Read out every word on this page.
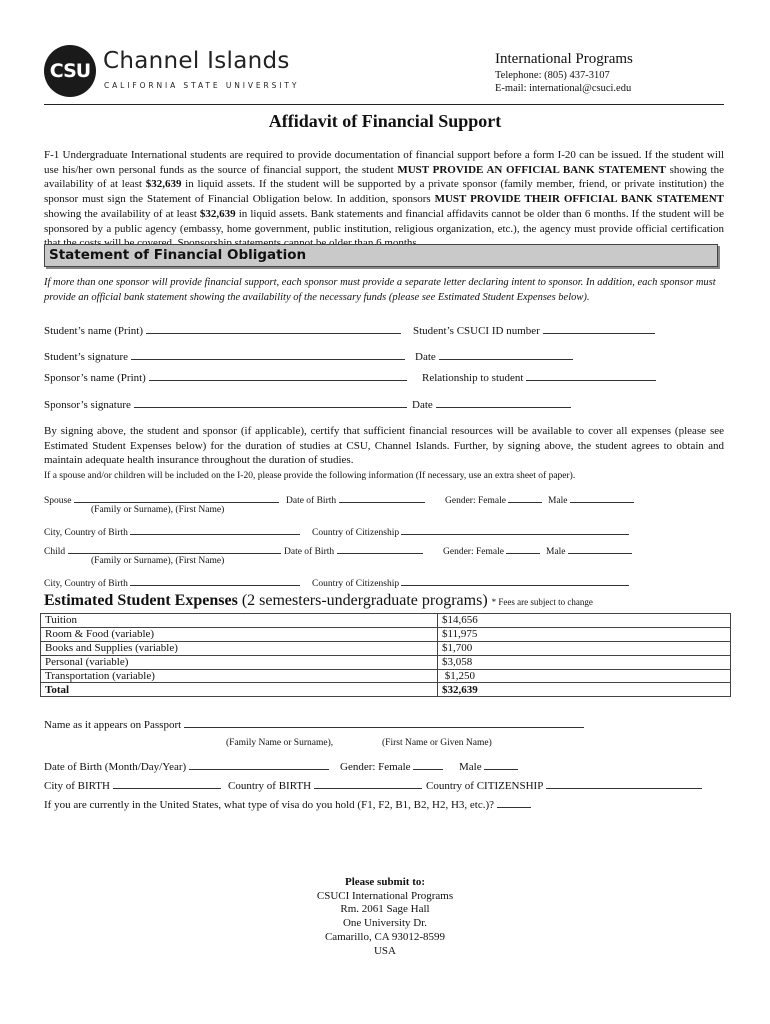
CSU Channel Islands
CALIFORNIA STATE UNIVERSITY
International Programs
Telephone: (805) 437-3107
E-mail: international@csuci.edu
Affidavit of Financial Support
F-1 Undergraduate International students are required to provide documentation of financial support before a form I-20 can be issued. If the student will use his/her own personal funds as the source of financial support, the student MUST PROVIDE AN OFFICIAL BANK STATEMENT showing the availability of at least $32,639 in liquid assets. If the student will be supported by a private sponsor (family member, friend, or private institution) the sponsor must sign the Statement of Financial Obligation below. In addition, sponsors MUST PROVIDE THEIR OFFICIAL BANK STATEMENT showing the availability of at least $32,639 in liquid assets. Bank statements and financial affidavits cannot be older than 6 months. If the student will be sponsored by a public agency (embassy, home government, public institution, religious organization, etc.), the agency must provide official certification
Statement of Financial Obligation
If more than one sponsor will provide financial support, each sponsor must provide a separate letter declaring intent to sponsor. In addition, each sponsor must provide an official bank statement showing the availability of the necessary funds (please see Estimated Student Expenses below).
Student’s name (Print)	Student’s CSUCI ID number
Student’s signature	Date
Sponsor’s name (Print)	Relationship to student
Sponsor’s signature	Date
By signing above, the student and sponsor (if applicable), certify that sufficient financial resources will be available to cover all expenses (please see Estimated Student Expenses below) for the duration of studies at CSU, Channel Islands. Further, by signing above, the student agrees to obtain and maintain adequate health insurance throughout the duration of studies.
If a spouse and/or children will be included on the I-20, please provide the following information (If necessary, use an extra sheet of paper).
Spouse	Date of Birth	Gender: Female	Male
(Family or Surname), (First Name)
City, Country of Birth	Country of Citizenship
Child	Date of Birth	Gender: Female	Male
(Family or Surname), (First Name)
City, Country of Birth	Country of Citizenship
Estimated Student Expenses (2 semesters-undergraduate programs) * Fees are subject to change
Tuition	$14,656
Room & Food (variable)	$11,975
Books and Supplies (variable)	$1,700
Personal (variable)	$3,058
Transportation (variable)	$1,250
Total	$32,639
Name as it appears on Passport
(Family Name or Surname),	(First Name or Given Name)
Date of Birth (Month/Day/Year)	Gender: Female	Male
City of BIRTH	Country of BIRTH	Country of CITIZENSHIP
If you are currently in the United States, what type of visa do you hold (F1, F2, B1, B2, H2, H3, etc.)?
Please submit to:
CSUCI International Programs
Rm. 2061 Sage Hall
One University Dr.
Camarillo, CA 93012-8599
USA
